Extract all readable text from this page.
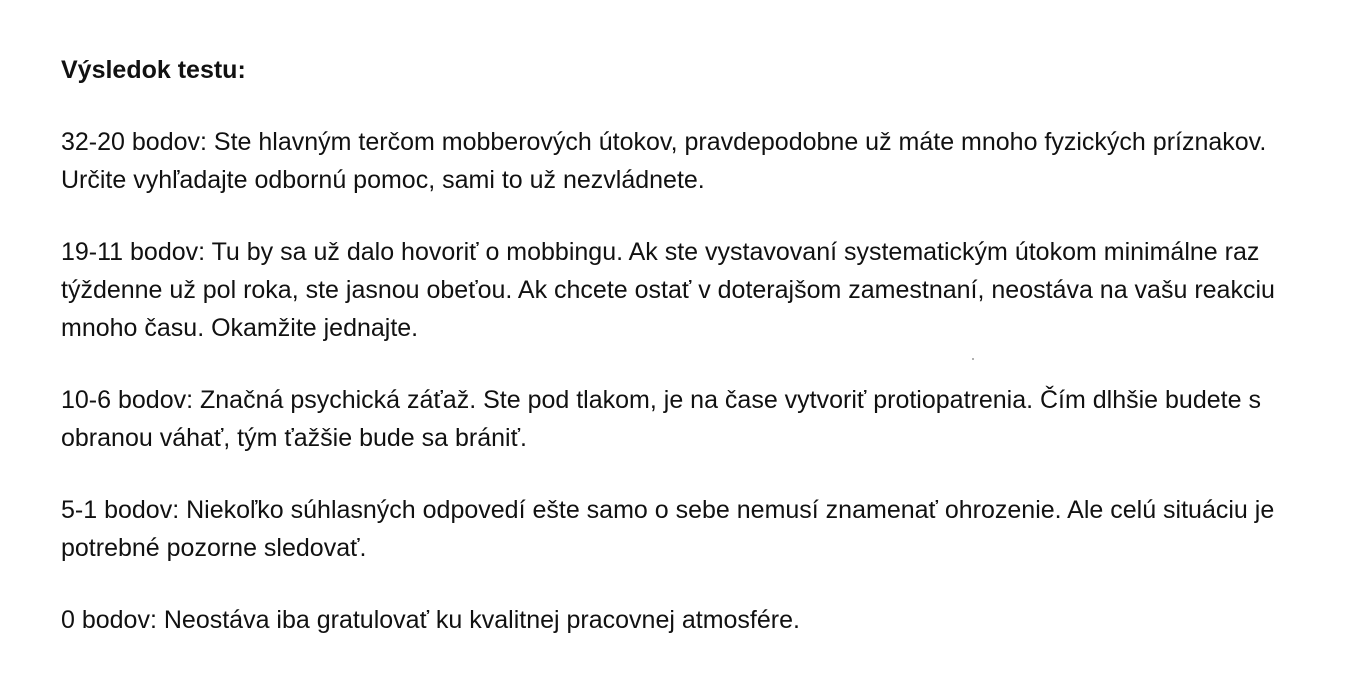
Výsledok testu:
32-20 bodov: Ste hlavným terčom mobberových útokov, pravdepodobne už máte mnoho fyzických príznakov. Určite vyhľadajte odbornú pomoc, sami to už nezvládnete.
19-11 bodov: Tu by sa už dalo hovoriť o mobbingu. Ak ste vystavovaní systematickým útokom minimálne raz týždenne už pol roka, ste jasnou obeťou. Ak chcete ostať v doterajšom zamestnaní, neostáva na vašu reakciu mnoho času. Okamžite jednajte.
10-6 bodov: Značná psychická záťaž. Ste pod tlakom, je na čase vytvoriť protiopatrenia. Čím dlhšie budete s obranou váhať, tým ťažšie bude sa brániť.
5-1 bodov: Niekoľko súhlasných odpovedí ešte samo o sebe nemusí znamenať ohrozenie. Ale celú situáciu je potrebné pozorne sledovať.
0 bodov: Neostáva iba gratulovať ku kvalitnej pracovnej atmosfére.
